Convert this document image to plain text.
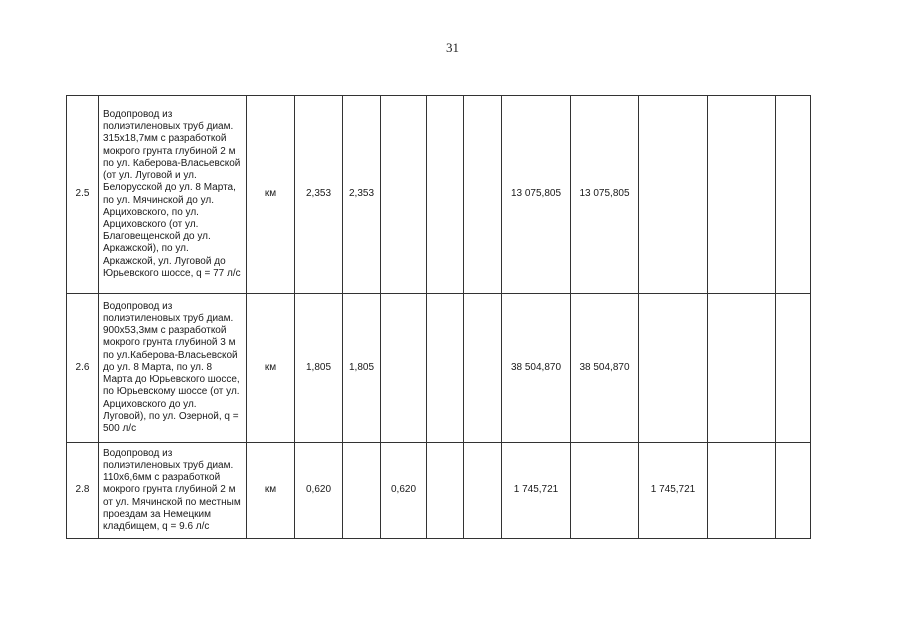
31
2.5	Водопровод из полиэтиленовых труб диам. 315х18,7мм с разработкой мокрого грунта глубиной 2 м по ул. Каберова-Власьевской (от ул. Луговой и ул. Белорусской до ул. 8 Марта, по ул. Мячинской до ул. Арциховского, по ул. Арциховского (от ул. Благовещенской до ул. Аркажской), по ул. Аркажской, ул. Луговой до Юрьевского шоссе, q = 77 л/с	км	2,353	2,353				13 075,805	13 075,805			
2.6	Водопровод из полиэтиленовых труб диам. 900х53,3мм с разработкой мокрого грунта глубиной 3 м по ул.Каберова-Власьевской до ул. 8 Марта, по ул. 8 Марта до Юрьевского шоссе, по Юрьевскому шоссе (от ул. Арциховского до ул. Луговой), по ул. Озерной, q = 500 л/с	км	1,805	1,805				38 504,870	38 504,870			
2.8	Водопровод из полиэтиленовых труб диам. 110х6,6мм с разработкой мокрого грунта глубиной 2 м от ул. Мячинской по местным проездам за Немецким кладбищем, q = 9.6 л/с	км	0,620		0,620			1 745,721		1 745,721		
